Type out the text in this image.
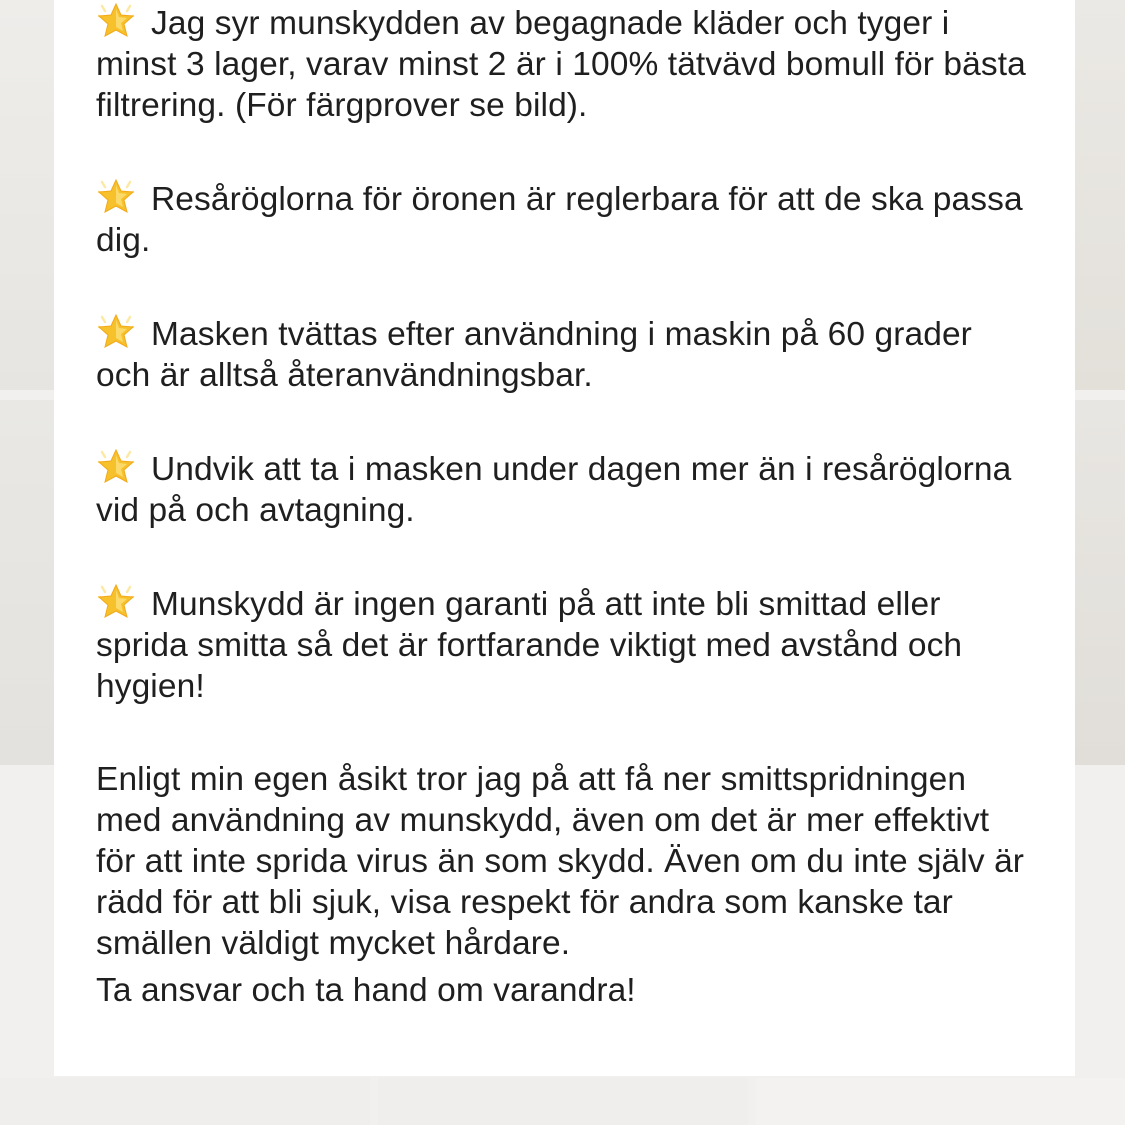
Jag syr munskydden av begagnade kläder och tyger i minst 3 lager, varav minst 2 är i 100% tätvävd bomull för bästa filtrering. (För färgprover se bild).

Resåröglorna för öronen är reglerbara för att de ska passa dig.

Masken tvättas efter användning i maskin på 60 grader och är alltså återanvändningsbar.

Undvik att ta i masken under dagen mer än i resåröglorna vid på och avtagning.

Munskydd är ingen garanti på att inte bli smittad eller sprida smitta så det är fortfarande viktigt med avstånd och hygien!

Enligt min egen åsikt tror jag på att få ner smittspridningen med användning av munskydd, även om det är mer effektivt för att inte sprida virus än som skydd. Även om du inte själv är rädd för att bli sjuk, visa respekt för andra som kanske tar smällen väldigt mycket hårdare.

Ta ansvar och ta hand om varandra!
